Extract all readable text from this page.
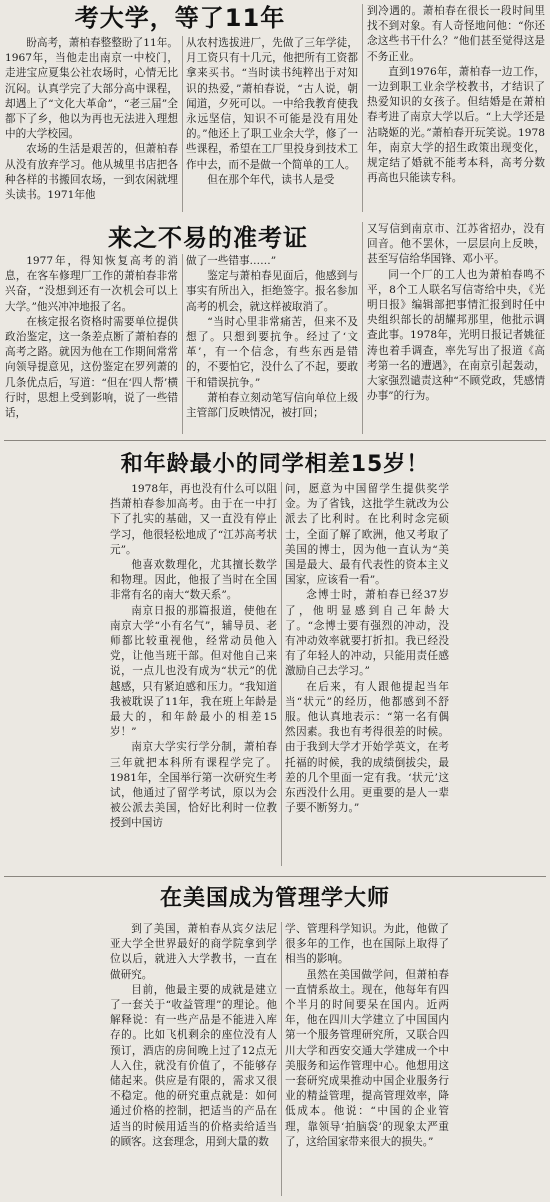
考大学，等了11年

盼高考，萧柏春整整盼了11年。1967年，当他走出南京一中校门，走进宝应夏集公社农场时，心情无比沉闷。认真学完了大部分高中课程，却遇上了“文化大革命”，“老三届”全都下了乡，他以为再也无法进入理想中的大学校园。

农场的生活是艰苦的，但萧柏春从没有放弃学习。他从城里书店把各种各样的书搬回农场，一到农闲就埋头读书。1971年他

从农村选拔进厂，先做了三年学徒，月工资只有十几元，他把所有工资都拿来买书。“当时读书纯粹出于对知识的热爱，”萧柏春说，“古人说，朝闻道，夕死可以。一中给我教育使我永远坚信，知识不可能是没有用处的。”他还上了职工业余大学，修了一些课程，希望在工厂里投身到技术工作中去，而不是做一个简单的工人。

但在那个年代，读书人是受

到冷遇的。萧柏春在很长一段时间里找不到对象。有人奇怪地问他：“你还念这些书干什么？”他们甚至觉得这是不务正业。

直到1976年，萧柏春一边工作，一边到职工业余学校教书，才结识了热爱知识的女孩子。但结婚是在萧柏春考进了南京大学以后。“上大学还是沾晓姬的光。”萧柏春开玩笑说。1978年，南京大学的招生政策出现变化，规定结了婚就不能考本科，高考分数再高也只能读专科。

来之不易的准考证

1977年，得知恢复高考的消息，在客车修理厂工作的萧柏春非常兴奋，“没想到还有一次机会可以上大学。”他兴冲冲地报了名。

在核定报名资格时需要单位提供政治鉴定，这一条差点断了萧柏春的高考之路。就因为他在工作期间常常向领导提意见，这份鉴定在罗列萧的几条优点后，写道：“但在‘四人帮’横行时，思想上受到影响，说了一些错话，

做了一些错事……”

鉴定与萧柏春见面后，他感到与事实有所出入，拒绝签字。报名参加高考的机会，就这样被取消了。

“当时心里非常痛苦，但来不及想了。只想到要抗争。经过了‘文革’，有一个信念，有些东西是错的，不要怕它，没什么了不起，要敢干和错误抗争。”

萧柏春立刻动笔写信向单位上级主管部门反映情况，被打回；

又写信到南京市、江苏省招办，没有回音。他不罢休，一层层向上反映，甚至写信给华国锋、邓小平。

同一个厂的工人也为萧柏春鸣不平，8个工人联名写信寄给中央，《光明日报》编辑部把事情汇报到时任中央组织部长的胡耀邦那里，他批示调查此事。1978年，光明日报记者姚征涛也着手调查，率先写出了报道《高考第一名的遭遇》，在南京引起轰动，大家强烈谴责这种“不顾党政，凭感情办事”的行为。

和年龄最小的同学相差15岁！

1978年，再也没有什么可以阻挡萧柏春参加高考。由于在一中打下了扎实的基础，又一直没有停止学习，他很轻松地成了“江苏高考状元”。

他喜欢数理化，尤其擅长数学和物理。因此，他报了当时在全国非常有名的南大“数天系”。

南京日报的那篇报道，使他在南京大学“小有名气”，辅导员、老师都比较重视他，经常动员他入党，让他当班干部。但对他自己来说，一点儿也没有成为“状元”的优越感，只有紧迫感和压力。“我知道我被耽误了11年，我在班上年龄是最大的，和年龄最小的相差15岁！”

南京大学实行学分制，萧柏春三年就把本科所有课程学完了。1981年，全国举行第一次研究生考试，他通过了留学考试，原以为会被公派去美国，恰好比利时一位教授到中国访

问，愿意为中国留学生提供奖学金。为了省钱，这批学生就改为公派去了比利时。在比利时念完硕士，全面了解了欧洲，他又考取了美国的博士，因为他一直认为“美国是最大、最有代表性的资本主义国家，应该看一看”。

念博士时，萧柏春已经37岁了，他明显感到自己年龄大了。“念博士要有强烈的冲动，没有冲动效率就要打折扣。我已经没有了年轻人的冲动，只能用责任感激励自己去学习。”

在后来，有人跟他提起当年当“状元”的经历，他都感到不舒服。他认真地表示：“第一名有偶然因素。我也有考得很差的时候。由于我到大学才开始学英文，在考托福的时候，我的成绩倒拔尖，最差的几个里面一定有我。‘状元’这东西没什么用。更重要的是人一辈子要不断努力。”

在美国成为管理学大师

到了美国，萧柏春从宾夕法尼亚大学全世界最好的商学院拿到学位以后，就进入大学教书，一直在做研究。

目前，他最主要的成就是建立了一套关于“收益管理”的理论。他解释说：有一些产品是不能进入库存的。比如飞机剩余的座位没有人预订，酒店的房间晚上过了12点无人入住，就没有价值了，不能够存储起来。供应是有限的，需求又很不稳定。他的研究重点就是：如何通过价格的控制，把适当的产品在适当的时候用适当的价格卖给适当的顾客。这套理念，用到大量的数

学、管理科学知识。为此，他做了很多年的工作，也在国际上取得了相当的影响。

虽然在美国做学问，但萧柏春一直情系故土。现在，他每年有四个半月的时间要呆在国内。近两年，他在四川大学建立了中国国内第一个服务管理研究所，又联合四川大学和西安交通大学建成一个中美服务和运作管理中心。他想用这一套研究成果推动中国企业服务行业的精益管理，提高管理效率，降低成本。他说：“中国的企业管理，靠领导‘拍脑袋’的现象太严重了，这给国家带来很大的损失。”
